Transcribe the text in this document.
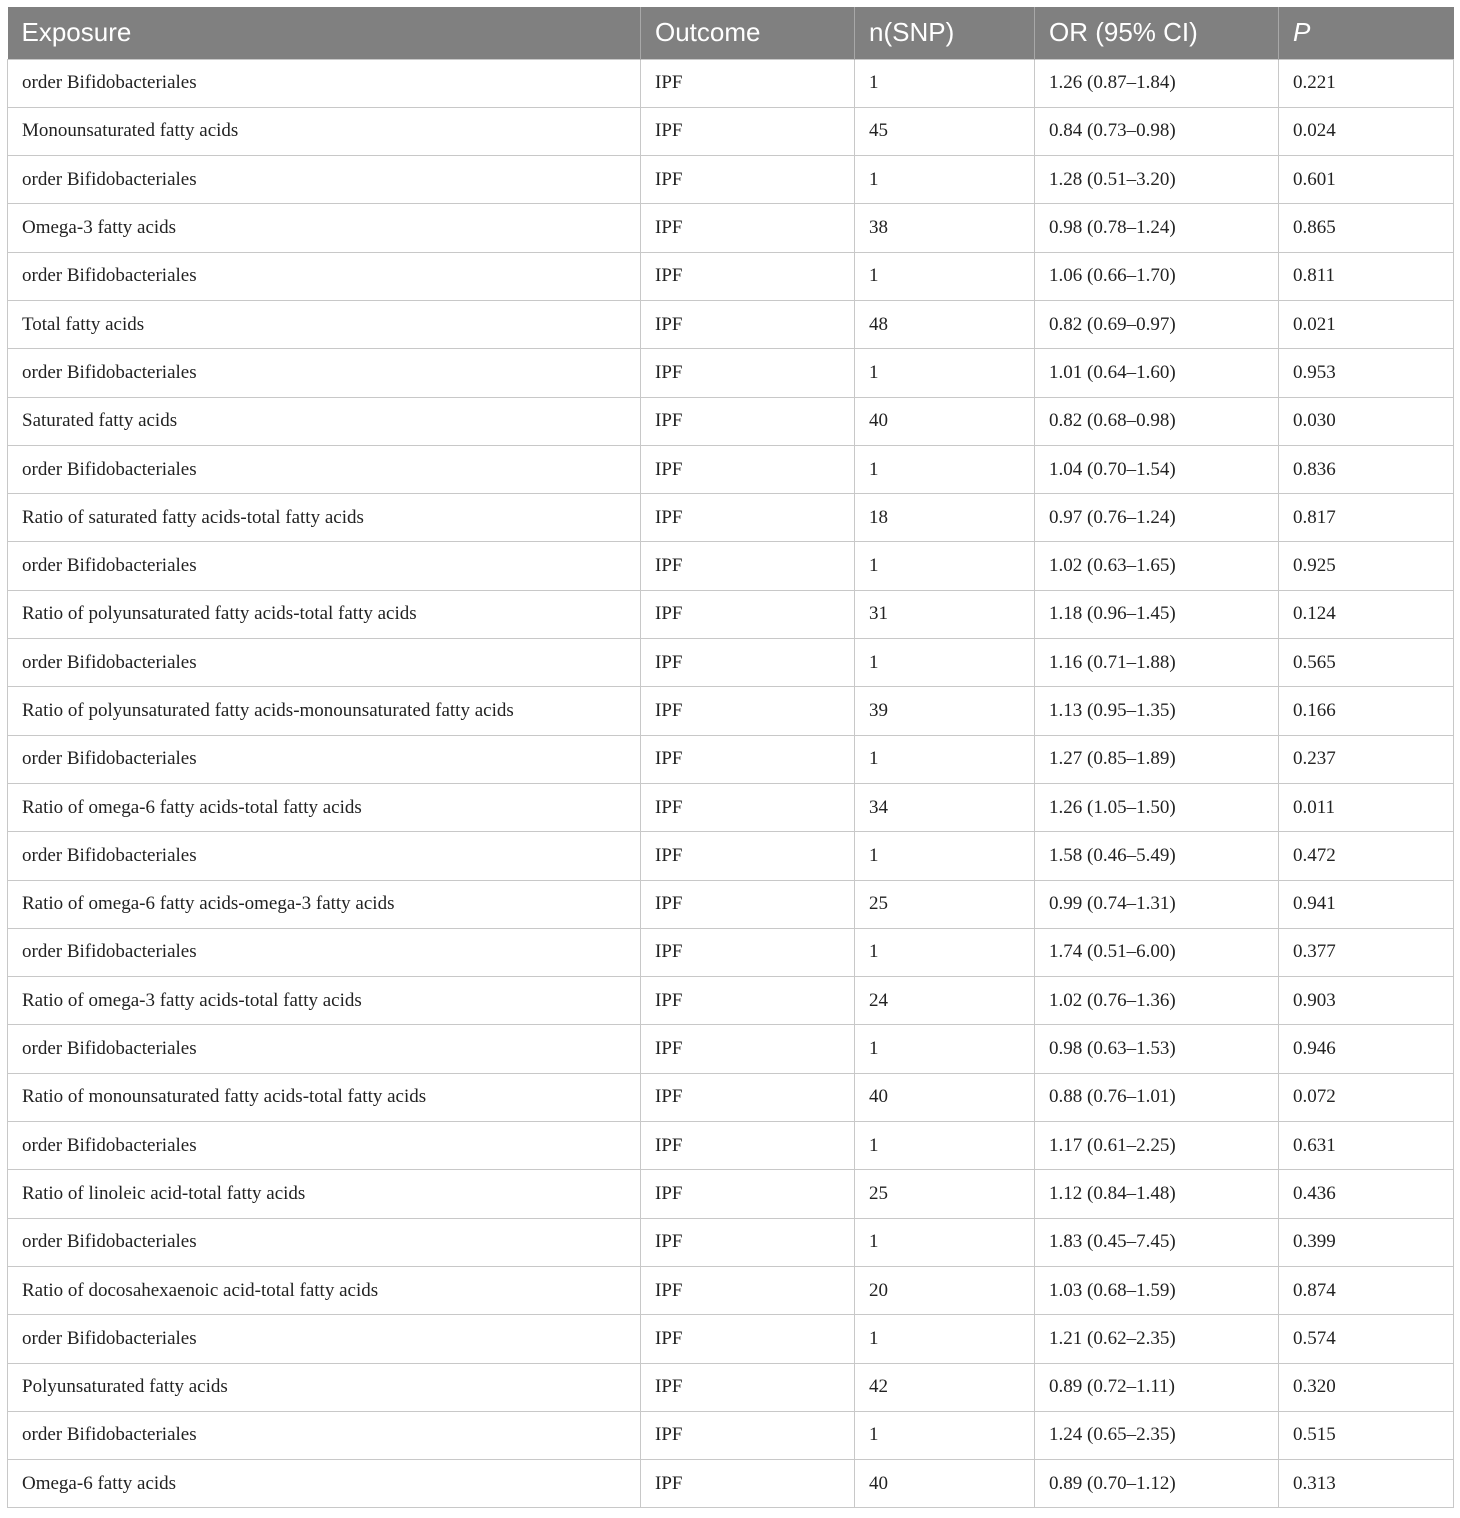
Exposure	Outcome	n(SNP)	OR (95% CI)	P
order Bifidobacteriales	IPF	1	1.26 (0.87–1.84)	0.221
Monounsaturated fatty acids	IPF	45	0.84 (0.73–0.98)	0.024
order Bifidobacteriales	IPF	1	1.28 (0.51–3.20)	0.601
Omega-3 fatty acids	IPF	38	0.98 (0.78–1.24)	0.865
order Bifidobacteriales	IPF	1	1.06 (0.66–1.70)	0.811
Total fatty acids	IPF	48	0.82 (0.69–0.97)	0.021
order Bifidobacteriales	IPF	1	1.01 (0.64–1.60)	0.953
Saturated fatty acids	IPF	40	0.82 (0.68–0.98)	0.030
order Bifidobacteriales	IPF	1	1.04 (0.70–1.54)	0.836
Ratio of saturated fatty acids-total fatty acids	IPF	18	0.97 (0.76–1.24)	0.817
order Bifidobacteriales	IPF	1	1.02 (0.63–1.65)	0.925
Ratio of polyunsaturated fatty acids-total fatty acids	IPF	31	1.18 (0.96–1.45)	0.124
order Bifidobacteriales	IPF	1	1.16 (0.71–1.88)	0.565
Ratio of polyunsaturated fatty acids-monounsaturated fatty acids	IPF	39	1.13 (0.95–1.35)	0.166
order Bifidobacteriales	IPF	1	1.27 (0.85–1.89)	0.237
Ratio of omega-6 fatty acids-total fatty acids	IPF	34	1.26 (1.05–1.50)	0.011
order Bifidobacteriales	IPF	1	1.58 (0.46–5.49)	0.472
Ratio of omega-6 fatty acids-omega-3 fatty acids	IPF	25	0.99 (0.74–1.31)	0.941
order Bifidobacteriales	IPF	1	1.74 (0.51–6.00)	0.377
Ratio of omega-3 fatty acids-total fatty acids	IPF	24	1.02 (0.76–1.36)	0.903
order Bifidobacteriales	IPF	1	0.98 (0.63–1.53)	0.946
Ratio of monounsaturated fatty acids-total fatty acids	IPF	40	0.88 (0.76–1.01)	0.072
order Bifidobacteriales	IPF	1	1.17 (0.61–2.25)	0.631
Ratio of linoleic acid-total fatty acids	IPF	25	1.12 (0.84–1.48)	0.436
order Bifidobacteriales	IPF	1	1.83 (0.45–7.45)	0.399
Ratio of docosahexaenoic acid-total fatty acids	IPF	20	1.03 (0.68–1.59)	0.874
order Bifidobacteriales	IPF	1	1.21 (0.62–2.35)	0.574
Polyunsaturated fatty acids	IPF	42	0.89 (0.72–1.11)	0.320
order Bifidobacteriales	IPF	1	1.24 (0.65–2.35)	0.515
Omega-6 fatty acids	IPF	40	0.89 (0.70–1.12)	0.313
